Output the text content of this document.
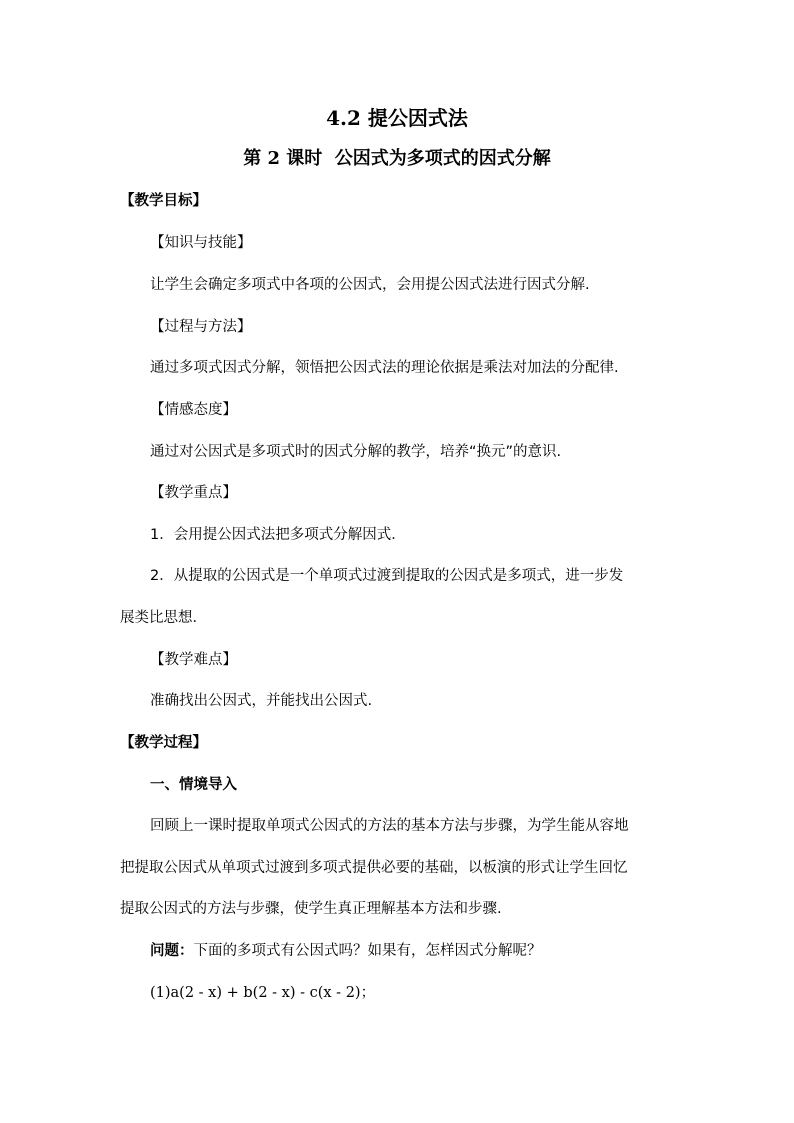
4.2 提公因式法
第 2 课时  公因式为多项式的因式分解
【教学目标】
【知识与技能】
让学生会确定多项式中各项的公因式，会用提公因式法进行因式分解.
【过程与方法】
通过多项式因式分解，领悟把公因式法的理论依据是乘法对加法的分配律.
【情感态度】
通过对公因式是多项式时的因式分解的教学，培养“换元”的意识.
【教学重点】
1．会用提公因式法把多项式分解因式．
2．从提取的公因式是一个单项式过渡到提取的公因式是多项式，进一步发
展类比思想．
【教学难点】
准确找出公因式，并能找出公因式.
【教学过程】
一、情境导入
回顾上一课时提取单项式公因式的方法的基本方法与步骤，为学生能从容地
把提取公因式从单项式过渡到多项式提供必要的基础，以板演的形式让学生回忆
提取公因式的方法与步骤，使学生真正理解基本方法和步骤.
问题：下面的多项式有公因式吗？如果有，怎样因式分解呢？
(1)a(2 - x) + b(2 - x) - c(x - 2)；
